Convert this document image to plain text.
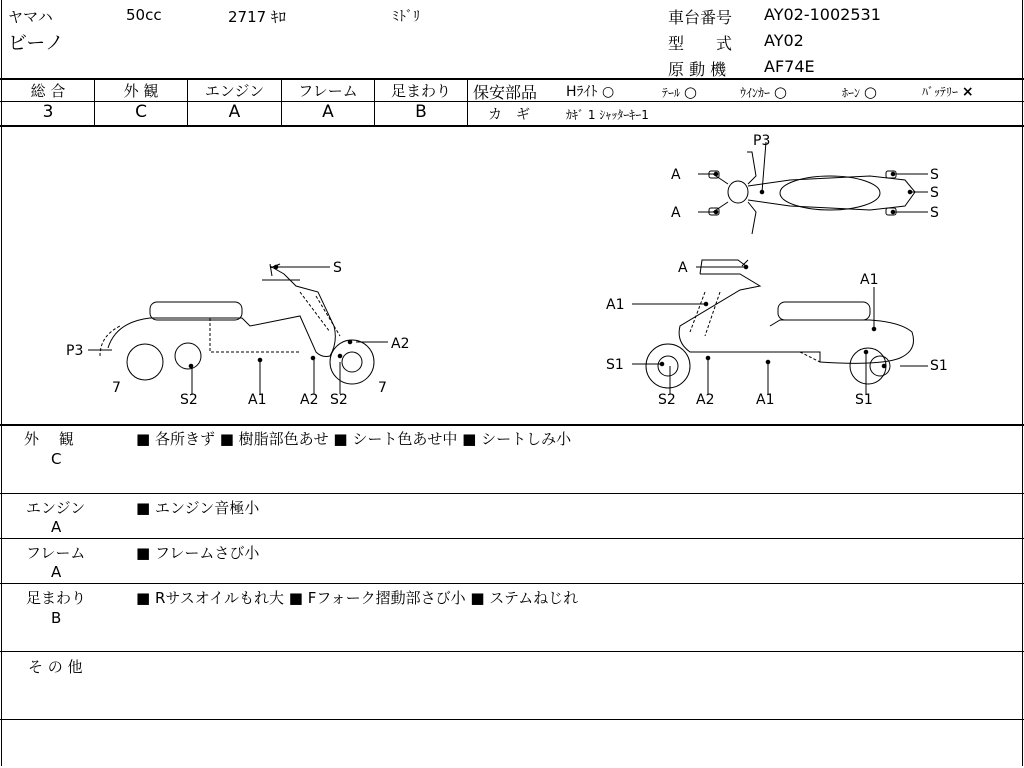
ヤマハ	50cc	2717 ｷﾛ	ﾐﾄﾞﾘ
ビーノ
車台番号 AY02-1002531
型　　式 AY02
原 動 機 AF74E
総 合	外 観	エンジン	フレーム	足まわり
3	C	A	A	B
保安部品 Hﾗｲﾄ ○	ﾃｰﾙ ○	ｳｲﾝｶｰ ○	ﾎｰﾝ ○	ﾊﾞｯﾃﾘｰ ×
カ　ギ	ｶｷﾞ 1 ｼｬｯﾀｰｷｰ1
P3
A
A
S
S
S
S
P3	A2
7	7
S2	A1 A2 S2
A
A1
A1
S1	S1
S2 A2	A1	S1
外　 観
C
■ 各所きず ■ 樹脂部色あせ ■ シート色あせ中 ■ シートしみ小
エンジン
A
■ エンジン音極小
フレーム
A
■ フレームさび小
足まわり
B
■ Rサスオイルもれ大 ■ Fフォーク摺動部さび小 ■ ステムねじれ
そ の 他
